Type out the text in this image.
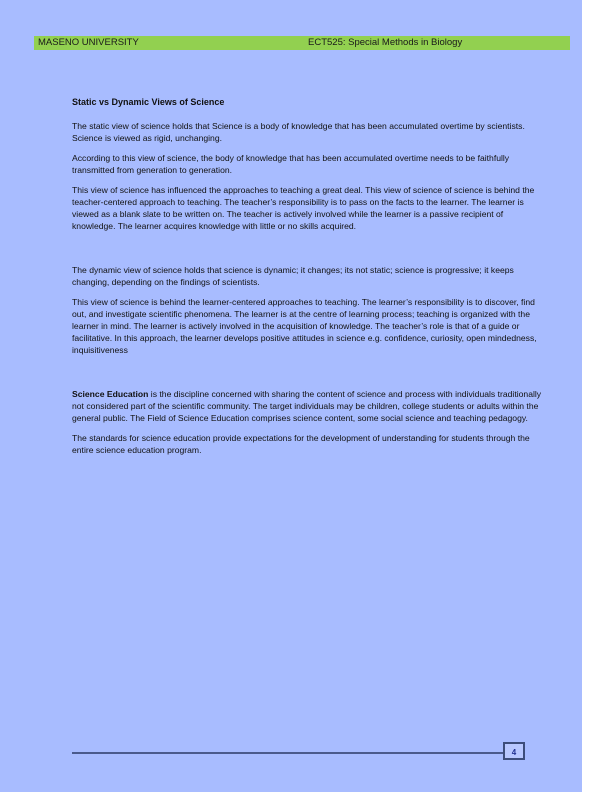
MASENO UNIVERSITY	ECT525: Special Methods in Biology

Static vs Dynamic Views of Science

The static view of science holds that Science is a body of knowledge that has been accumulated overtime by scientists. Science is viewed as rigid, unchanging.

According to this view of science, the body of knowledge that has been accumulated overtime needs to be faithfully transmitted from generation to generation.

This view of science has influenced the approaches to teaching a great deal. This view of science of science is behind the teacher-centered approach to teaching. The teacher’s responsibility is to pass on the facts to the learner. The learner is viewed as a blank slate to be written on. The teacher is actively involved while the learner is a passive recipient of knowledge. The learner acquires knowledge with little or no skills acquired.

The dynamic view of science holds that science is dynamic; it changes; its not static; science is progressive; it keeps changing, depending on the findings of scientists.

This view of science is behind the learner-centered approaches to teaching. The learner’s responsibility is to discover, find out, and investigate scientific phenomena. The learner is at the centre of learning process; teaching is organized with the learner in mind. The learner is actively involved in the acquisition of knowledge. The teacher’s role is that of a guide or facilitative. In this approach, the learner develops positive attitudes in science e.g. confidence, curiosity, open mindedness, inquisitiveness

Science Education is the discipline concerned with sharing the content of science and process with individuals traditionally not considered part of the scientific community. The target individuals may be children, college students or adults within the general public. The Field of Science Education comprises science content, some social science and teaching pedagogy.

The standards for science education provide expectations for the development of understanding for students through the entire science education program.

4
